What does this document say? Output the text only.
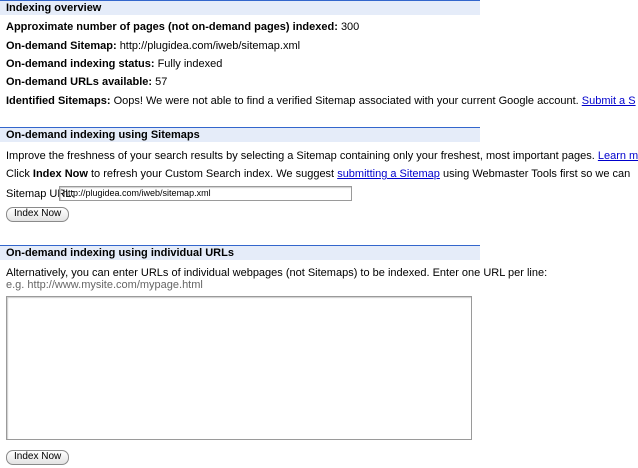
Indexing overview
Approximate number of pages (not on-demand pages) indexed: 300
On-demand Sitemap: http://plugidea.com/iweb/sitemap.xml
On-demand indexing status: Fully indexed
On-demand URLs available: 57
Identified Sitemaps: Oops! We were not able to find a verified Sitemap associated with your current Google account. Submit a S
On-demand indexing using Sitemaps
Improve the freshness of your search results by selecting a Sitemap containing only your freshest, most important pages. Learn m
Click Index Now to refresh your Custom Search index. We suggest submitting a Sitemap using Webmaster Tools first so we can
Sitemap URL:
http://plugidea.com/iweb/sitemap.xml
Index Now
On-demand indexing using individual URLs
Alternatively, you can enter URLs of individual webpages (not Sitemaps) to be indexed. Enter one URL per line:
e.g. http://www.mysite.com/mypage.html
Index Now
